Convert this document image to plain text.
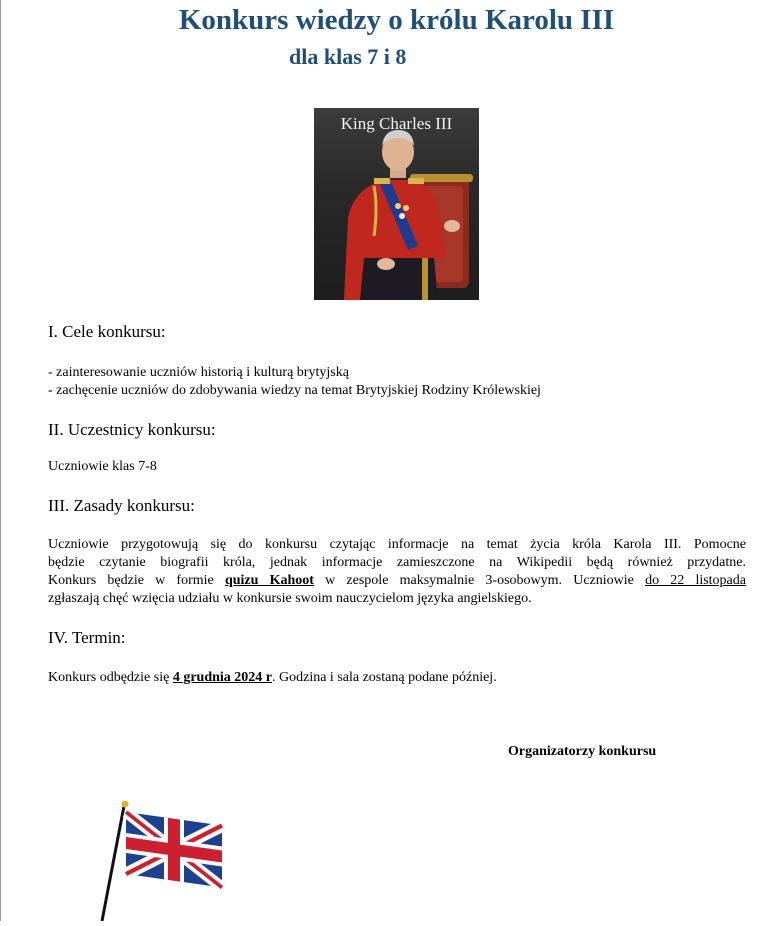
Konkurs wiedzy o królu Karolu III
dla klas 7 i 8
King Charles III
I. Cele konkursu:
- zainteresowanie uczniów historią i kulturą brytyjską
- zachęcenie uczniów do zdobywania wiedzy na temat Brytyjskiej Rodziny Królewskiej
II. Uczestnicy konkursu:
Uczniowie klas 7-8
III. Zasady konkursu:
Uczniowie przygotowują się do konkursu czytając informacje na temat życia króla Karola III. Pomocne
będzie czytanie biografii króla, jednak informacje zamieszczone na Wikipedii będą również przydatne.
Konkurs będzie w formie quizu Kahoot w zespole maksymalnie 3-osobowym. Uczniowie do 22 listopada
zgłaszają chęć wzięcia udziału w konkursie swoim nauczycielom języka angielskiego.
IV. Termin:
Konkurs odbędzie się 4 grudnia 2024 r. Godzina i sala zostaną podane później.
Organizatorzy konkursu
